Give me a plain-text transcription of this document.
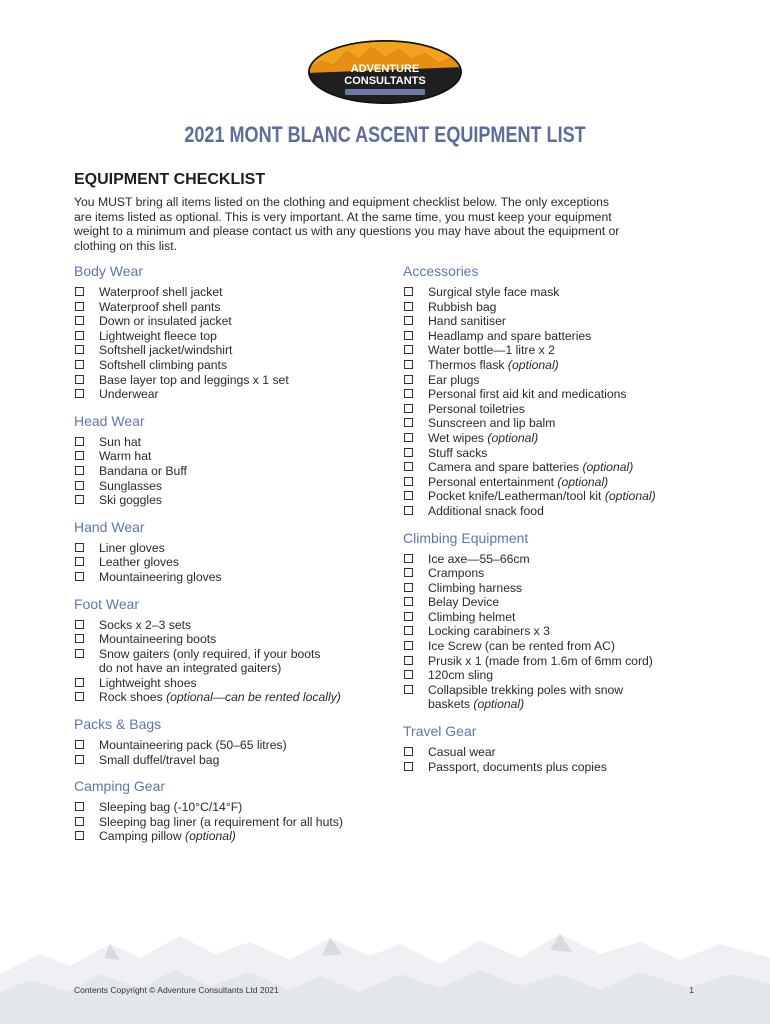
ADVENTURE
CONSULTANTS
2021 MONT BLANC ASCENT EQUIPMENT LIST
EQUIPMENT CHECKLIST
You MUST bring all items listed on the clothing and equipment checklist below. The only exceptions
are items listed as optional. This is very important. At the same time, you must keep your equipment
weight to a minimum and please contact us with any questions you may have about the equipment or
clothing on this list.
Body Wear
Waterproof shell jacket
Waterproof shell pants
Down or insulated jacket
Lightweight fleece top
Softshell jacket/windshirt
Softshell climbing pants
Base layer top and leggings x 1 set
Underwear
Head Wear
Sun hat
Warm hat
Bandana or Buff
Sunglasses
Ski goggles
Hand Wear
Liner gloves
Leather gloves
Mountaineering gloves
Foot Wear
Socks x 2–3 sets
Mountaineering boots
Snow gaiters (only required, if your boots
do not have an integrated gaiters)
Lightweight shoes
Rock shoes (optional—can be rented locally)
Packs & Bags
Mountaineering pack (50–65 litres)
Small duffel/travel bag
Camping Gear
Sleeping bag (-10°C/14°F)
Sleeping bag liner (a requirement for all huts)
Camping pillow (optional)
Accessories
Surgical style face mask
Rubbish bag
Hand sanitiser
Headlamp and spare batteries
Water bottle—1 litre x 2
Thermos flask (optional)
Ear plugs
Personal first aid kit and medications
Personal toiletries
Sunscreen and lip balm
Wet wipes (optional)
Stuff sacks
Camera and spare batteries (optional)
Personal entertainment (optional)
Pocket knife/Leatherman/tool kit (optional)
Additional snack food
Climbing Equipment
Ice axe—55–66cm
Crampons
Climbing harness
Belay Device
Climbing helmet
Locking carabiners x 3
Ice Screw (can be rented from AC)
Prusik x 1 (made from 1.6m of 6mm cord)
120cm sling
Collapsible trekking poles with snow
baskets (optional)
Travel Gear
Casual wear
Passport, documents plus copies
Contents Copyright © Adventure Consultants Ltd 2021	1
